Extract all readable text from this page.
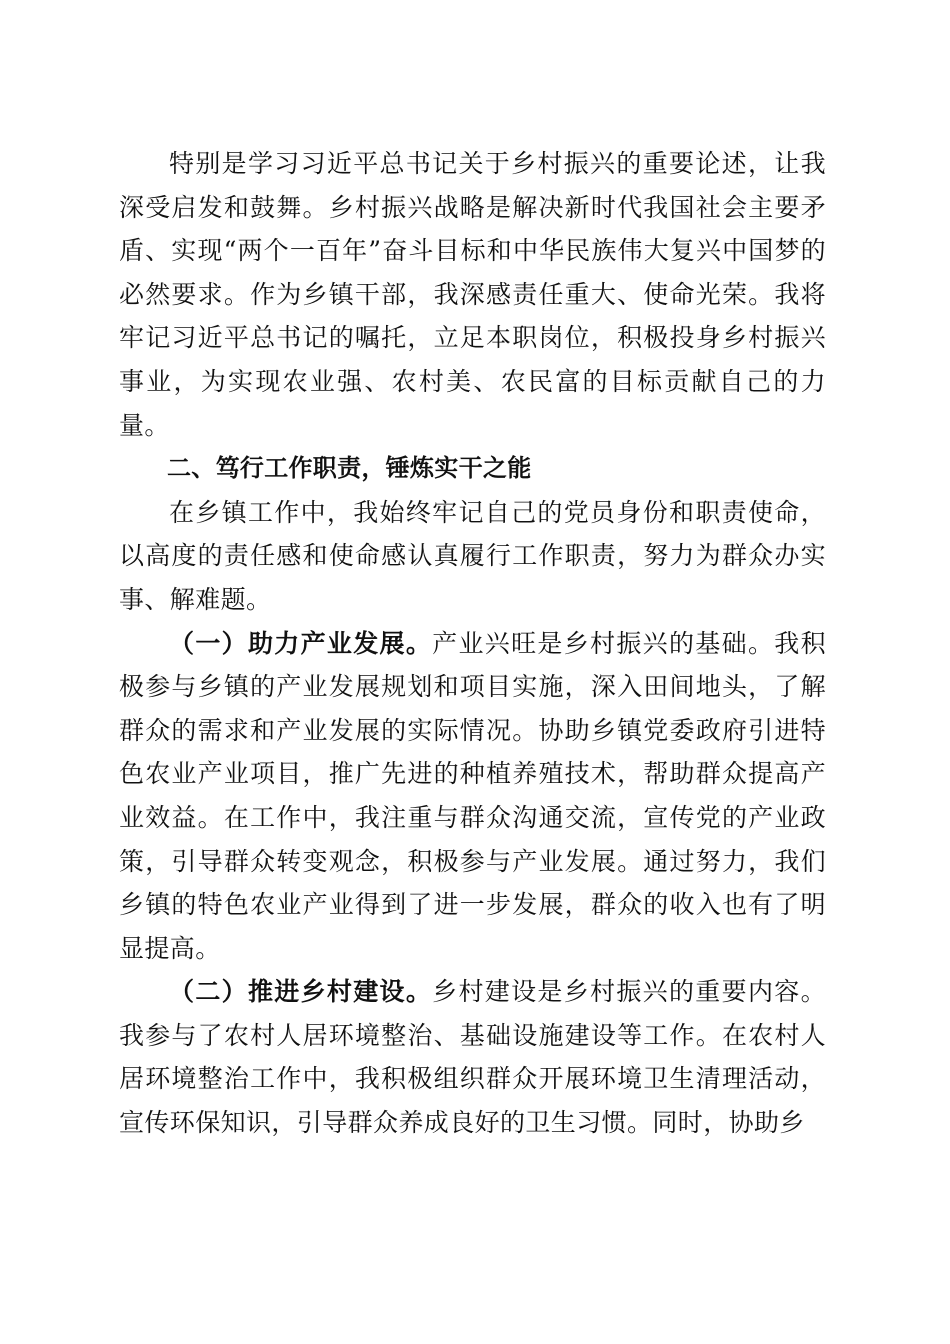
特别是学习习近平总书记关于乡村振兴的重要论述，让我深受启发和鼓舞。乡村振兴战略是解决新时代我国社会主要矛盾、实现“两个一百年”奋斗目标和中华民族伟大复兴中国梦的必然要求。作为乡镇干部，我深感责任重大、使命光荣。我将牢记习近平总书记的嘱托，立足本职岗位，积极投身乡村振兴事业，为实现农业强、农村美、农民富的目标贡献自己的力量。

二、笃行工作职责，锤炼实干之能

在乡镇工作中，我始终牢记自己的党员身份和职责使命，以高度的责任感和使命感认真履行工作职责，努力为群众办实事、解难题。

（一）助力产业发展。产业兴旺是乡村振兴的基础。我积极参与乡镇的产业发展规划和项目实施，深入田间地头，了解群众的需求和产业发展的实际情况。协助乡镇党委政府引进特色农业产业项目，推广先进的种植养殖技术，帮助群众提高产业效益。在工作中，我注重与群众沟通交流，宣传党的产业政策，引导群众转变观念，积极参与产业发展。通过努力，我们乡镇的特色农业产业得到了进一步发展，群众的收入也有了明显提高。

（二）推进乡村建设。乡村建设是乡村振兴的重要内容。我参与了农村人居环境整治、基础设施建设等工作。在农村人居环境整治工作中，我积极组织群众开展环境卫生清理活动，宣传环保知识，引导群众养成良好的卫生习惯。同时，协助乡
